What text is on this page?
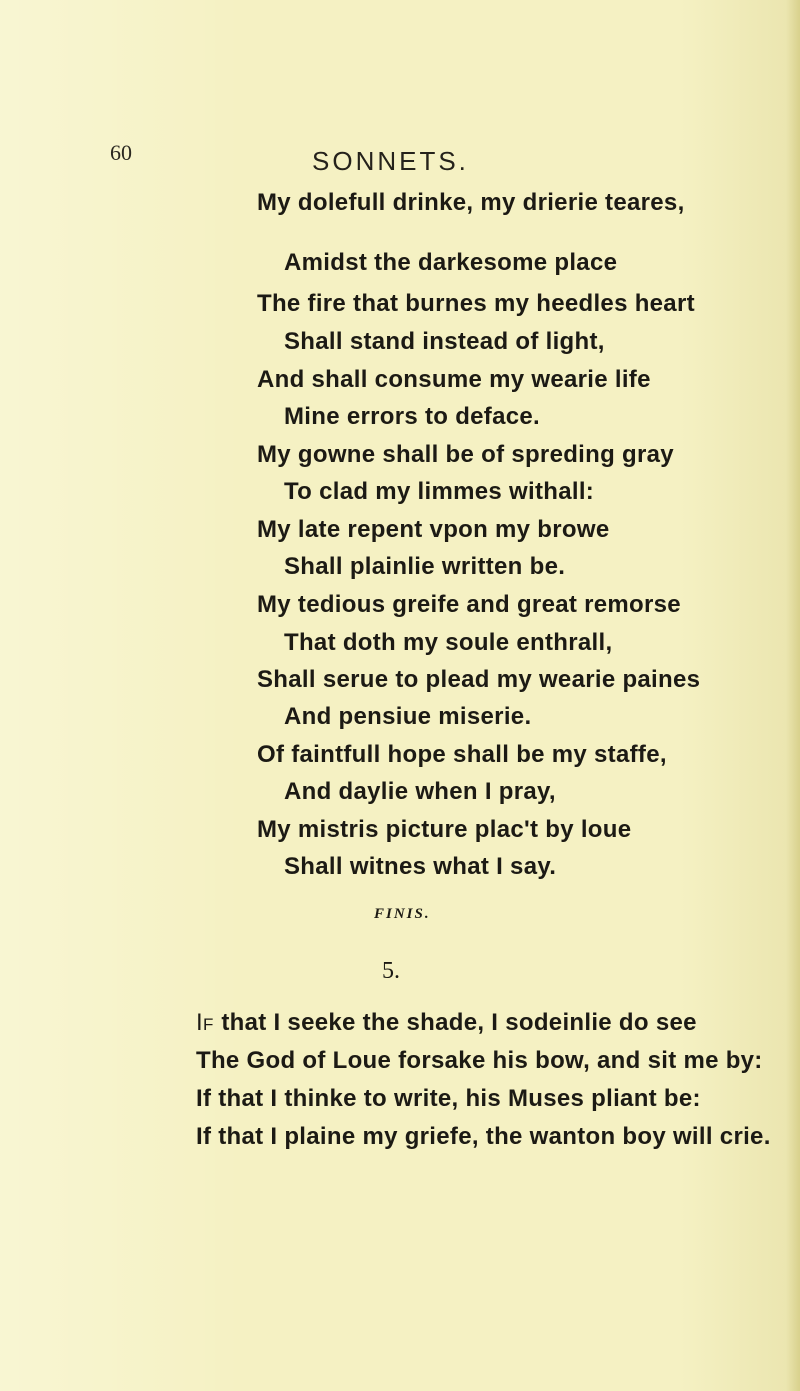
60	SONNETS.
My dolefull drinke, my drierie teares,
Amidst the darkesome place
The fire that burnes my heedles heart
Shall stand instead of light,
And shall consume my wearie life
Mine errors to deface.
My gowne shall be of spreding gray
To clad my limmes withall:
My late repent vpon my browe
Shall plainlie written be.
My tedious greife and great remorse
That doth my soule enthrall,
Shall serue to plead my wearie paines
And pensiue miserie.
Of faintfull hope shall be my staffe,
And daylie when I pray,
My mistris picture plac't by loue
Shall witnes what I say.
FINIS.
5.
IF that I seeke the shade, I sodeinlie do see
The God of Loue forsake his bow, and sit me by:
If that I thinke to write, his Muses pliant be:
If that I plaine my griefe, the wanton boy will crie.
